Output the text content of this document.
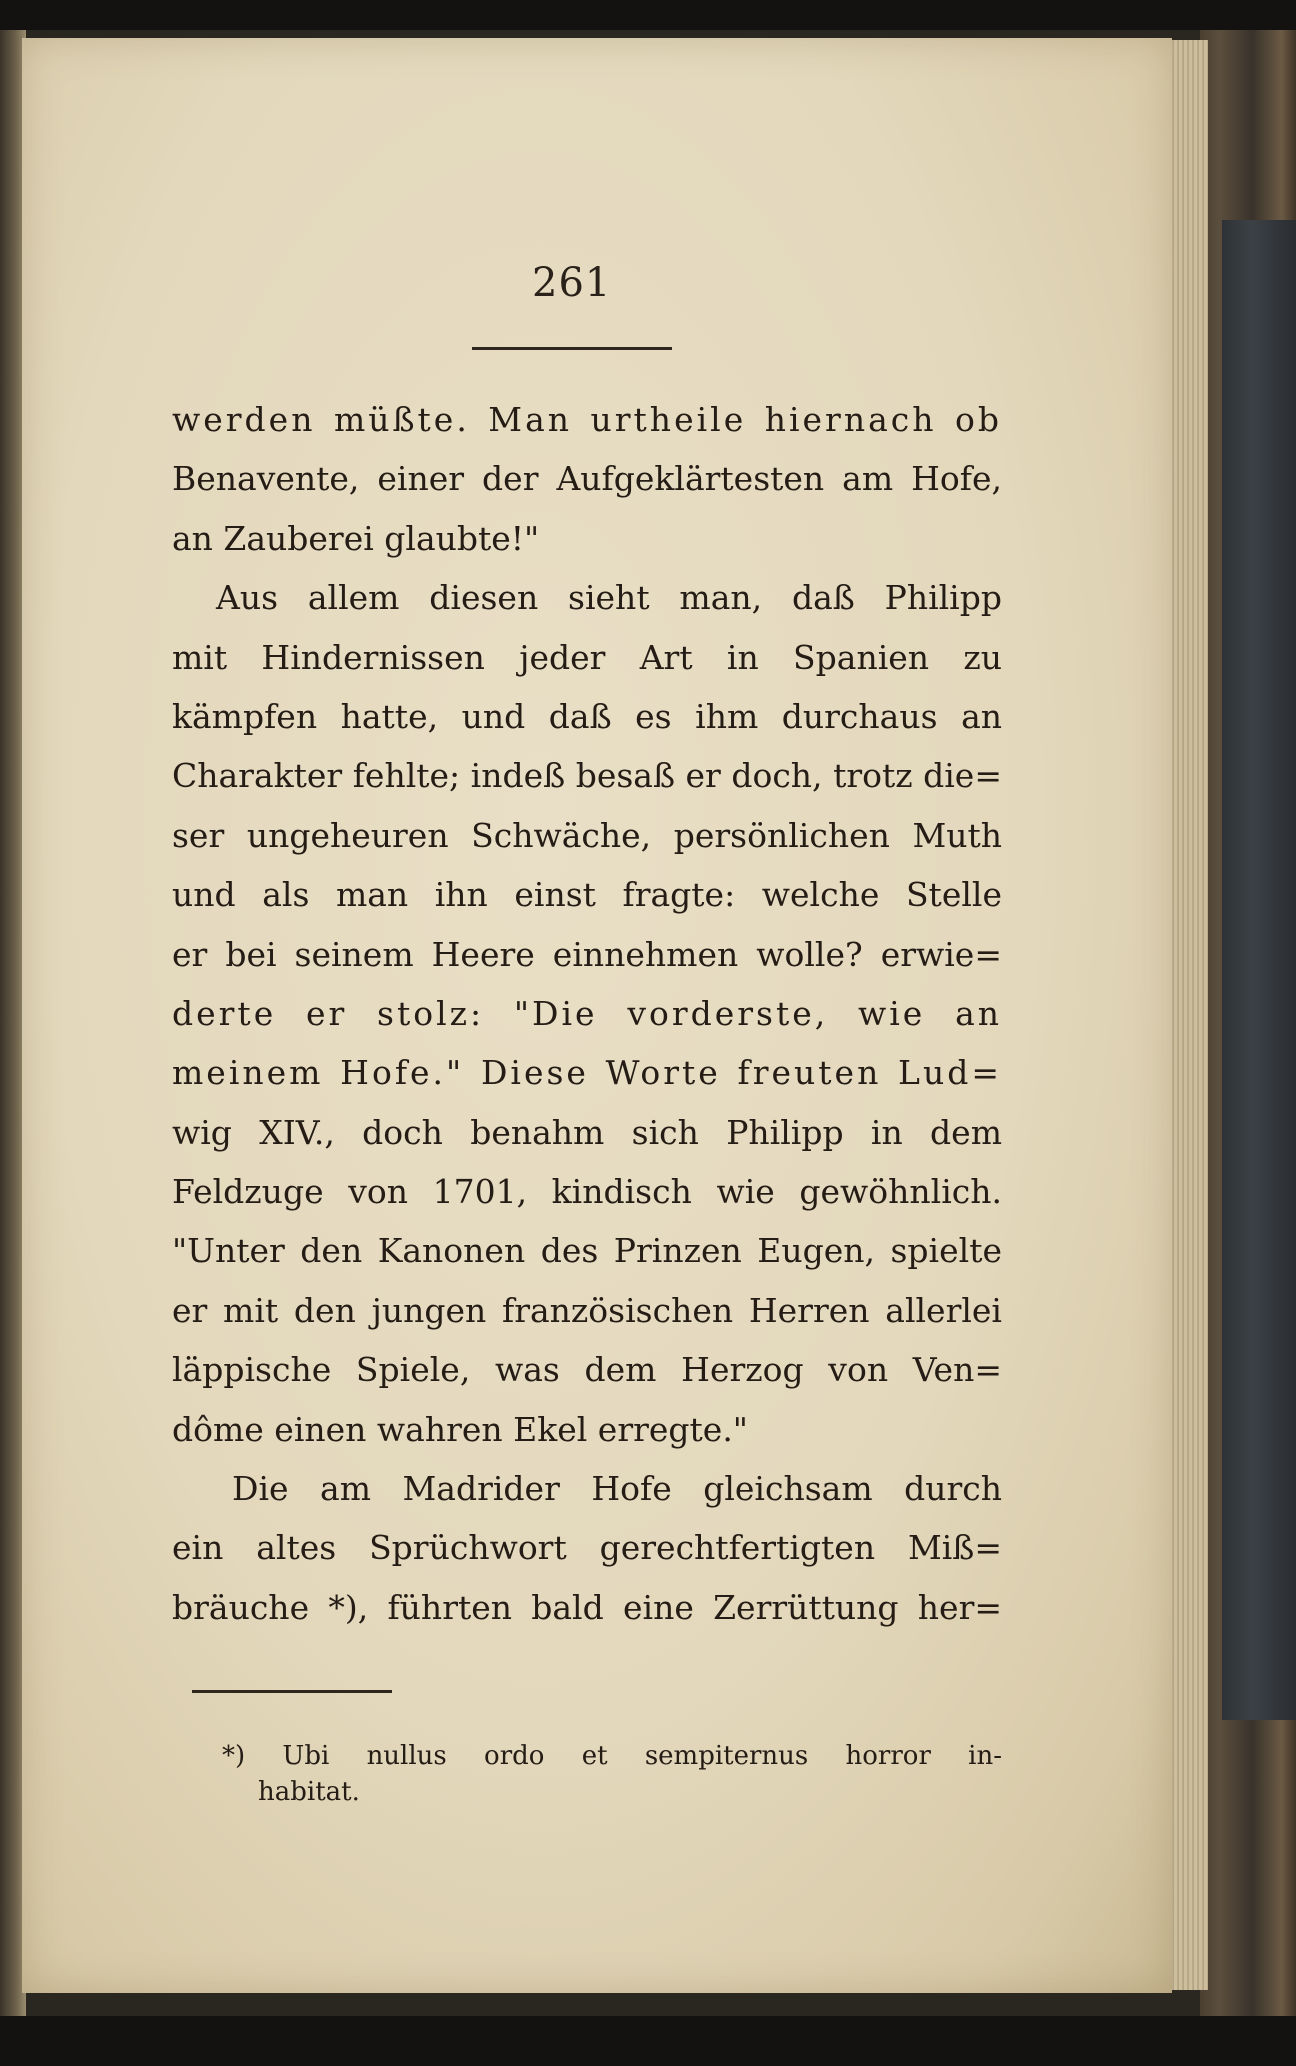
261
werden müßte. Man urtheile hiernach ob
Benavente, einer der Aufgeklärtesten am Hofe,
an Zauberei glaubte!"
Aus allem diesen sieht man, daß Philipp
mit Hindernissen jeder Art in Spanien zu
kämpfen hatte, und daß es ihm durchaus an
Charakter fehlte; indeß besaß er doch, trotz die=
ser ungeheuren Schwäche, persönlichen Muth
und als man ihn einst fragte: welche Stelle
er bei seinem Heere einnehmen wolle? erwie=
derte er stolz: "Die vorderste, wie an
meinem Hofe." Diese Worte freuten Lud=
wig XIV., doch benahm sich Philipp in dem
Feldzuge von 1701, kindisch wie gewöhnlich.
"Unter den Kanonen des Prinzen Eugen, spielte
er mit den jungen französischen Herren allerlei
läppische Spiele, was dem Herzog von Ven=
dôme einen wahren Ekel erregte."
Die am Madrider Hofe gleichsam durch
ein altes Sprüchwort gerechtfertigten Miß=
bräuche *), führten bald eine Zerrüttung her=
*) Ubi nullus ordo et sempiternus horror in-
habitat.
